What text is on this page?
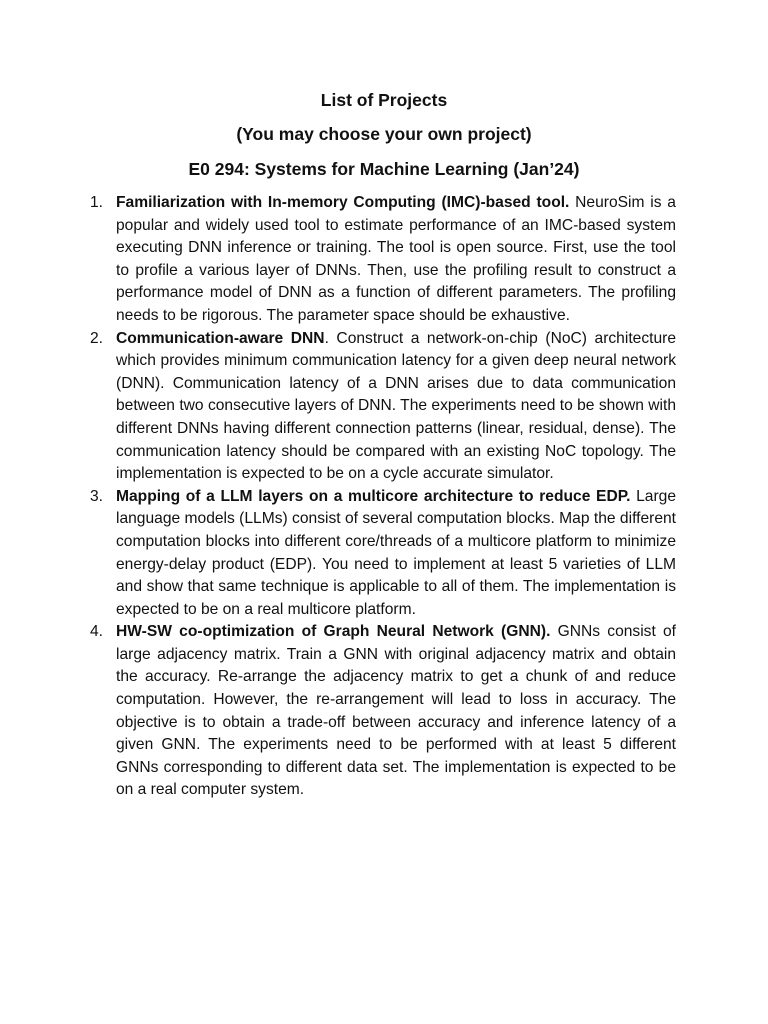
List of Projects
(You may choose your own project)
E0 294: Systems for Machine Learning (Jan’24)
1. Familiarization with In-memory Computing (IMC)-based tool. NeuroSim is a popular and widely used tool to estimate performance of an IMC-based system executing DNN inference or training. The tool is open source. First, use the tool to profile a various layer of DNNs. Then, use the profiling result to construct a performance model of DNN as a function of different parameters. The profiling needs to be rigorous. The parameter space should be exhaustive.
2. Communication-aware DNN. Construct a network-on-chip (NoC) architecture which provides minimum communication latency for a given deep neural network (DNN). Communication latency of a DNN arises due to data communication between two consecutive layers of DNN. The experiments need to be shown with different DNNs having different connection patterns (linear, residual, dense). The communication latency should be compared with an existing NoC topology. The implementation is expected to be on a cycle accurate simulator.
3. Mapping of a LLM layers on a multicore architecture to reduce EDP. Large language models (LLMs) consist of several computation blocks. Map the different computation blocks into different core/threads of a multicore platform to minimize energy-delay product (EDP). You need to implement at least 5 varieties of LLM and show that same technique is applicable to all of them. The implementation is expected to be on a real multicore platform.
4. HW-SW co-optimization of Graph Neural Network (GNN). GNNs consist of large adjacency matrix. Train a GNN with original adjacency matrix and obtain the accuracy. Re-arrange the adjacency matrix to get a chunk of and reduce computation. However, the re-arrangement will lead to loss in accuracy. The objective is to obtain a trade-off between accuracy and inference latency of a given GNN. The experiments need to be performed with at least 5 different GNNs corresponding to different data set. The implementation is expected to be on a real computer system.
